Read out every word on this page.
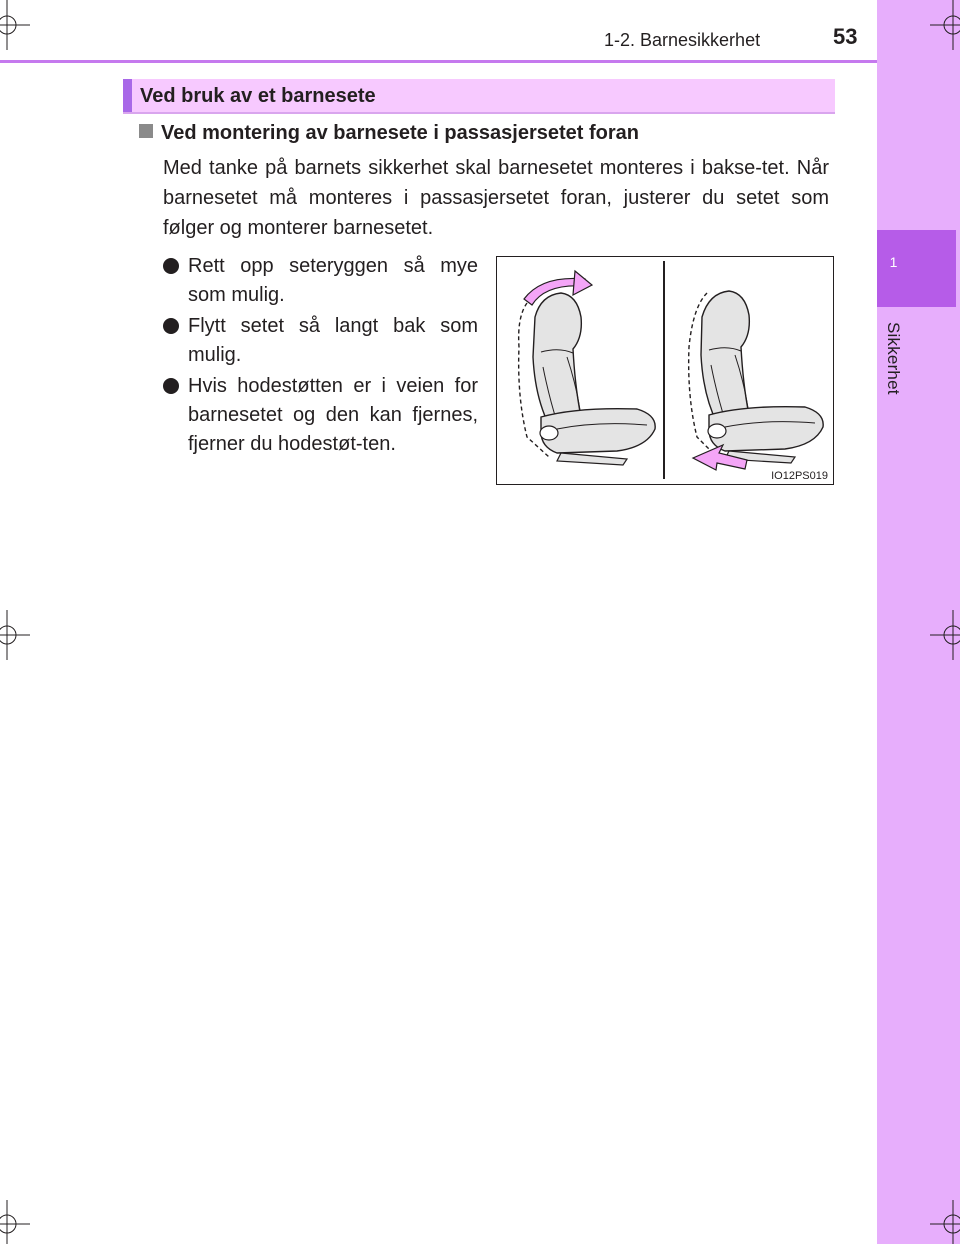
1
Sikkerhet
1-2. Barnesikkerhet	53
Ved bruk av et barnesete
Ved montering av barnesete i passasjersetet foran
Med tanke på barnets sikkerhet skal barnesetet monteres i bakse-tet. Når barnesetet må monteres i passasjersetet foran, justerer du setet som følger og monterer barnesetet.
Rett opp seteryggen så mye som mulig.
Flytt setet så langt bak som mulig.
Hvis hodestøtten er i veien for barnesetet og den kan fjernes, fjerner du hodestøt-ten.
IO12PS019
